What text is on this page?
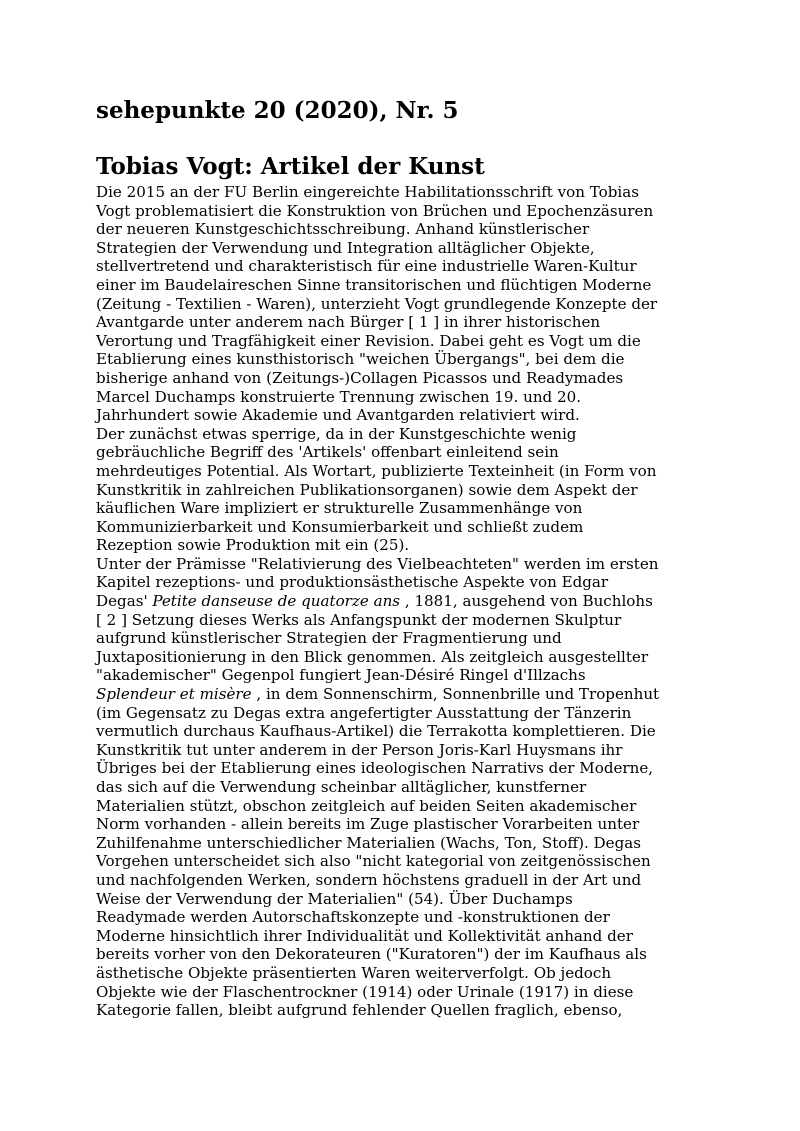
sehepunkte 20 (2020), Nr. 5
Tobias Vogt: Artikel der Kunst
Die 2015 an der FU Berlin eingereichte Habilitationsschrift von Tobias
Vogt problematisiert die Konstruktion von Brüchen und Epochenzäsuren
der neueren Kunstgeschichtsschreibung. Anhand künstlerischer
Strategien der Verwendung und Integration alltäglicher Objekte,
stellvertretend und charakteristisch für eine industrielle Waren-Kultur
einer im Baudelaireschen Sinne transitorischen und flüchtigen Moderne
(Zeitung - Textilien - Waren), unterzieht Vogt grundlegende Konzepte der
Avantgarde unter anderem nach Bürger [ 1 ] in ihrer historischen
Verortung und Tragfähigkeit einer Revision. Dabei geht es Vogt um die
Etablierung eines kunsthistorisch "weichen Übergangs", bei dem die
bisherige anhand von (Zeitungs-)Collagen Picassos und Readymades
Marcel Duchamps konstruierte Trennung zwischen 19. und 20.
Jahrhundert sowie Akademie und Avantgarden relativiert wird.
Der zunächst etwas sperrige, da in der Kunstgeschichte wenig
gebräuchliche Begriff des 'Artikels' offenbart einleitend sein
mehrdeutiges Potential. Als Wortart, publizierte Texteinheit (in Form von
Kunstkritik in zahlreichen Publikationsorganen) sowie dem Aspekt der
käuflichen Ware impliziert er strukturelle Zusammenhänge von
Kommunizierbarkeit und Konsumierbarkeit und schließt zudem
Rezeption sowie Produktion mit ein (25).
Unter der Prämisse "Relativierung des Vielbeachteten" werden im ersten
Kapitel rezeptions- und produktionsästhetische Aspekte von Edgar
Degas' Petite danseuse de quatorze ans , 1881, ausgehend von Buchlohs
[ 2 ] Setzung dieses Werks als Anfangspunkt der modernen Skulptur
aufgrund künstlerischer Strategien der Fragmentierung und
Juxtapositionierung in den Blick genommen. Als zeitgleich ausgestellter
"akademischer" Gegenpol fungiert Jean-Désiré Ringel d'Illzachs
Splendeur et misère , in dem Sonnenschirm, Sonnenbrille und Tropenhut
(im Gegensatz zu Degas extra angefertigter Ausstattung der Tänzerin
vermutlich durchaus Kaufhaus-Artikel) die Terrakotta komplettieren. Die
Kunstkritik tut unter anderem in der Person Joris-Karl Huysmans ihr
Übriges bei der Etablierung eines ideologischen Narrativs der Moderne,
das sich auf die Verwendung scheinbar alltäglicher, kunstferner
Materialien stützt, obschon zeitgleich auf beiden Seiten akademischer
Norm vorhanden - allein bereits im Zuge plastischer Vorarbeiten unter
Zuhilfenahme unterschiedlicher Materialien (Wachs, Ton, Stoff). Degas
Vorgehen unterscheidet sich also "nicht kategorial von zeitgenössischen
und nachfolgenden Werken, sondern höchstens graduell in der Art und
Weise der Verwendung der Materialien" (54). Über Duchamps
Readymade werden Autorschaftskonzepte und -konstruktionen der
Moderne hinsichtlich ihrer Individualität und Kollektivität anhand der
bereits vorher von den Dekorateuren ("Kuratoren") der im Kaufhaus als
ästhetische Objekte präsentierten Waren weiterverfolgt. Ob jedoch
Objekte wie der Flaschentrockner (1914) oder Urinale (1917) in diese
Kategorie fallen, bleibt aufgrund fehlender Quellen fraglich, ebenso,
